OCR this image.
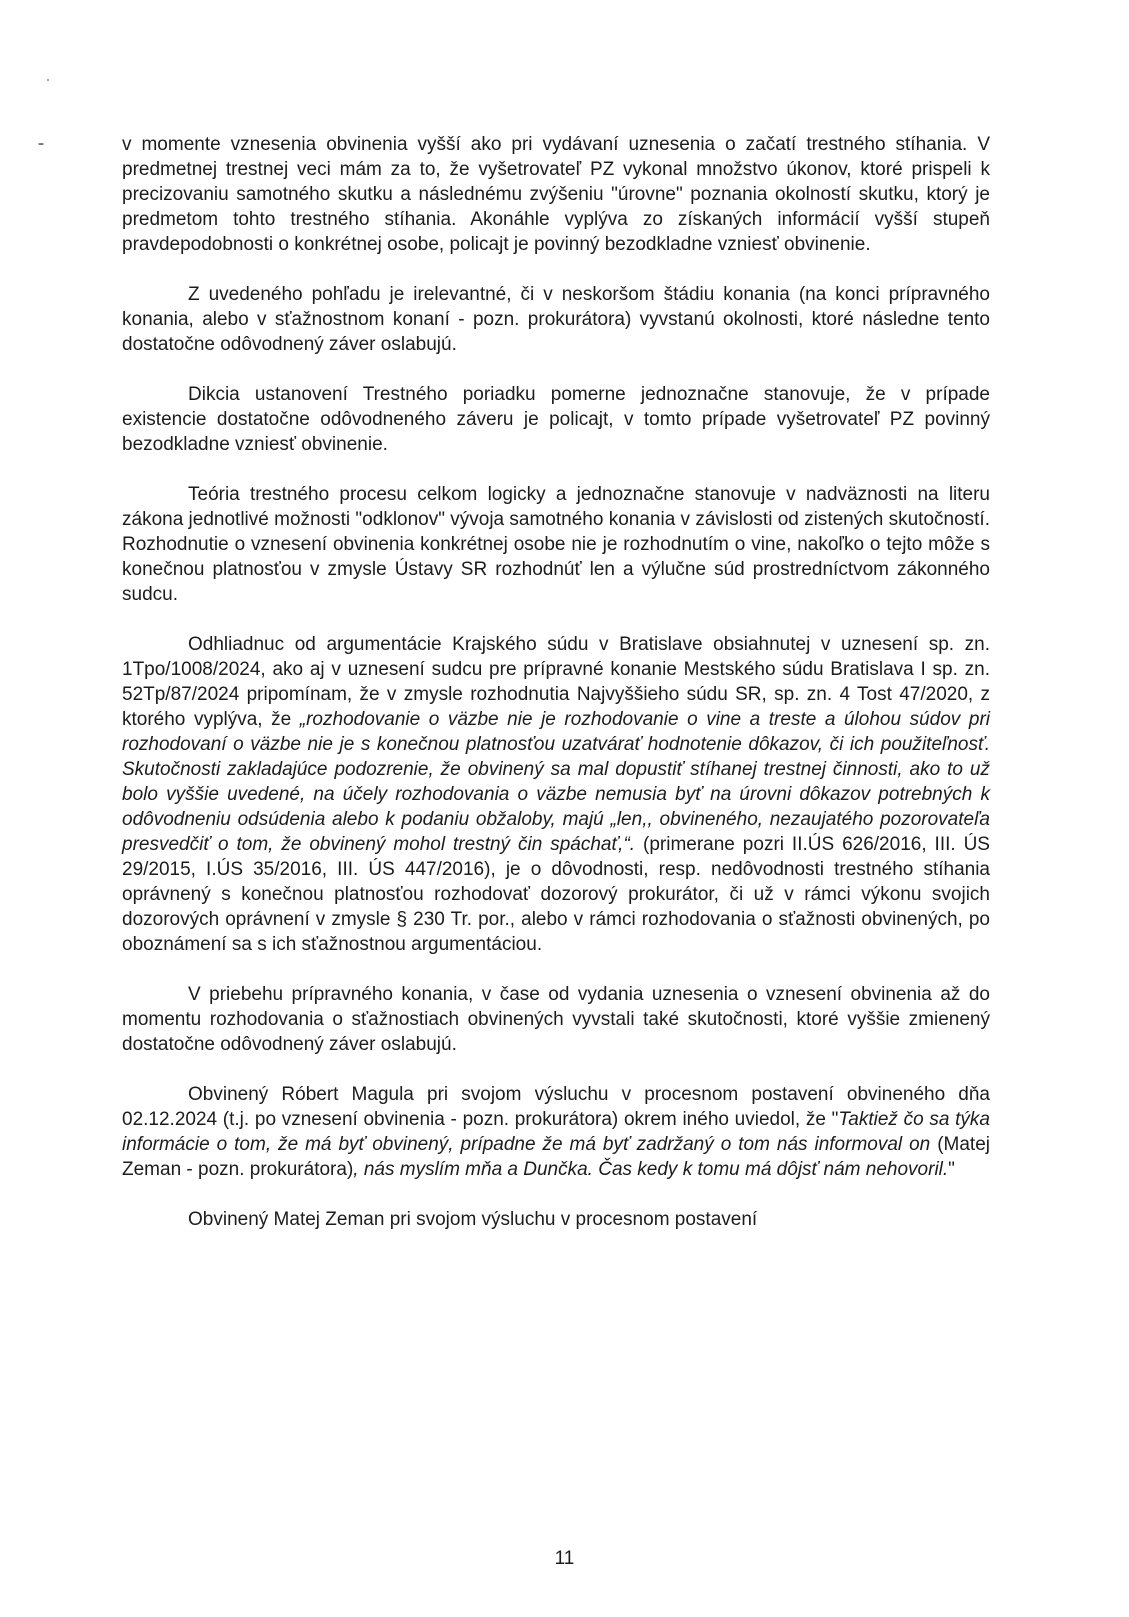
v momente vznesenia obvinenia vyšší ako pri vydávaní uznesenia o začatí trestného stíhania. V predmetnej trestnej veci mám za to, že vyšetrovateľ PZ vykonal množstvo úkonov, ktoré prispeli k precizovaniu samotného skutku a následnému zvýšeniu "úrovne" poznania okolností skutku, ktorý je predmetom tohto trestného stíhania. Akonáhle vyplýva zo získaných informácií vyšší stupeň pravdepodobnosti o konkrétnej osobe, policajt je povinný bezodkladne vzniesť obvinenie.

Z uvedeného pohľadu je irelevantné, či v neskoršom štádiu konania (na konci prípravného konania, alebo v sťažnostnom konaní - pozn. prokurátora) vyvstanú okolnosti, ktoré následne tento dostatočne odôvodnený záver oslabujú.

Dikcia ustanovení Trestného poriadku pomerne jednoznačne stanovuje, že v prípade existencie dostatočne odôvodneného záveru je policajt, v tomto prípade vyšetrovateľ PZ povinný bezodkladne vzniesť obvinenie.

Teória trestného procesu celkom logicky a jednoznačne stanovuje v nadväznosti na literu zákona jednotlivé možnosti "odklonov" vývoja samotného konania v závislosti od zistených skutočností. Rozhodnutie o vznesení obvinenia konkrétnej osobe nie je rozhodnutím o vine, nakoľko o tejto môže s konečnou platnosťou v zmysle Ústavy SR rozhodnúť len a výlučne súd prostredníctvom zákonného sudcu.

Odhliadnuc od argumentácie Krajského súdu v Bratislave obsiahnutej v uznesení sp. zn. 1Tpo/1008/2024, ako aj v uznesení sudcu pre prípravné konanie Mestského súdu Bratislava I sp. zn. 52Tp/87/2024 pripomínam, že v zmysle rozhodnutia Najvyššieho súdu SR, sp. zn. 4 Tost 47/2020, z ktorého vyplýva, že „rozhodovanie o väzbe nie je rozhodovanie o vine a treste a úlohou súdov pri rozhodovaní o väzbe nie je s konečnou platnosťou uzatvárať hodnotenie dôkazov, či ich použiteľnosť. Skutočnosti zakladajúce podozrenie, že obvinený sa mal dopustiť stíhanej trestnej činnosti, ako to už bolo vyššie uvedené, na účely rozhodovania o väzbe nemusia byť na úrovni dôkazov potrebných k odôvodneniu odsúdenia alebo k podaniu obžaloby, majú „len,, obvineného, nezaujatého pozorovateľa presvedčiť o tom, že obvinený mohol trestný čin spáchať,“. (primerane pozri II.ÚS 626/2016, III. ÚS 29/2015, I.ÚS 35/2016, III. ÚS 447/2016), je o dôvodnosti, resp. nedôvodnosti trestného stíhania oprávnený s konečnou platnosťou rozhodovať dozorový prokurátor, či už v rámci výkonu svojich dozorových oprávnení v zmysle § 230 Tr. por., alebo v rámci rozhodovania o sťažnosti obvinených, po oboznámení sa s ich sťažnostnou argumentáciou.

V priebehu prípravného konania, v čase od vydania uznesenia o vznesení obvinenia až do momentu rozhodovania o sťažnostiach obvinených vyvstali také skutočnosti, ktoré vyššie zmienený dostatočne odôvodnený záver oslabujú.

Obvinený Róbert Magula pri svojom výsluchu v procesnom postavení obvineného dňa 02.12.2024 (t.j. po vznesení obvinenia - pozn. prokurátora) okrem iného uviedol, že "Taktiež čo sa týka informácie o tom, že má byť obvinený, prípadne že má byť zadržaný o tom nás informoval on (Matej Zeman - pozn. prokurátora), nás myslím mňa a Dunčka. Čas kedy k tomu má dôjsť nám nehovoril."

Obvinený Matej Zeman pri svojom výsluchu v procesnom postavení

11
